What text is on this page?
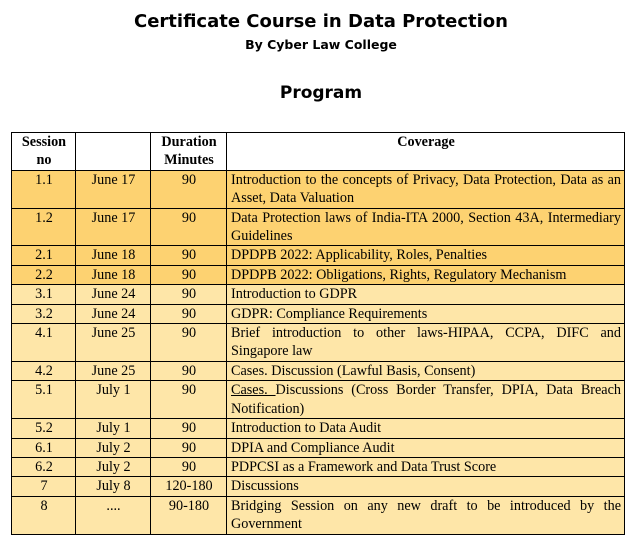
Certificate Course in Data Protection
By Cyber Law College
Program
Session no		Duration Minutes	Coverage
1.1	June 17	90	Introduction to the concepts of Privacy, Data Protection, Data as an Asset, Data Valuation
1.2	June 17	90	Data Protection laws of India-ITA 2000, Section 43A, Intermediary Guidelines
2.1	June 18	90	DPDPB 2022: Applicability, Roles, Penalties
2.2	June 18	90	DPDPB 2022: Obligations, Rights, Regulatory Mechanism
3.1	June 24	90	Introduction to GDPR
3.2	June 24	90	GDPR: Compliance Requirements
4.1	June 25	90	Brief introduction to other laws-HIPAA, CCPA, DIFC and Singapore law
4.2	June 25	90	Cases. Discussion (Lawful Basis, Consent)
5.1	July 1	90	Cases. Discussions (Cross Border Transfer, DPIA, Data Breach Notification)
5.2	July 1	90	Introduction to Data Audit
6.1	July 2	90	DPIA and Compliance Audit
6.2	July 2	90	PDPCSI as a Framework and Data Trust Score
7	July 8	120-180	Discussions
8	....	90-180	Bridging Session on any new draft to be introduced by the Government
